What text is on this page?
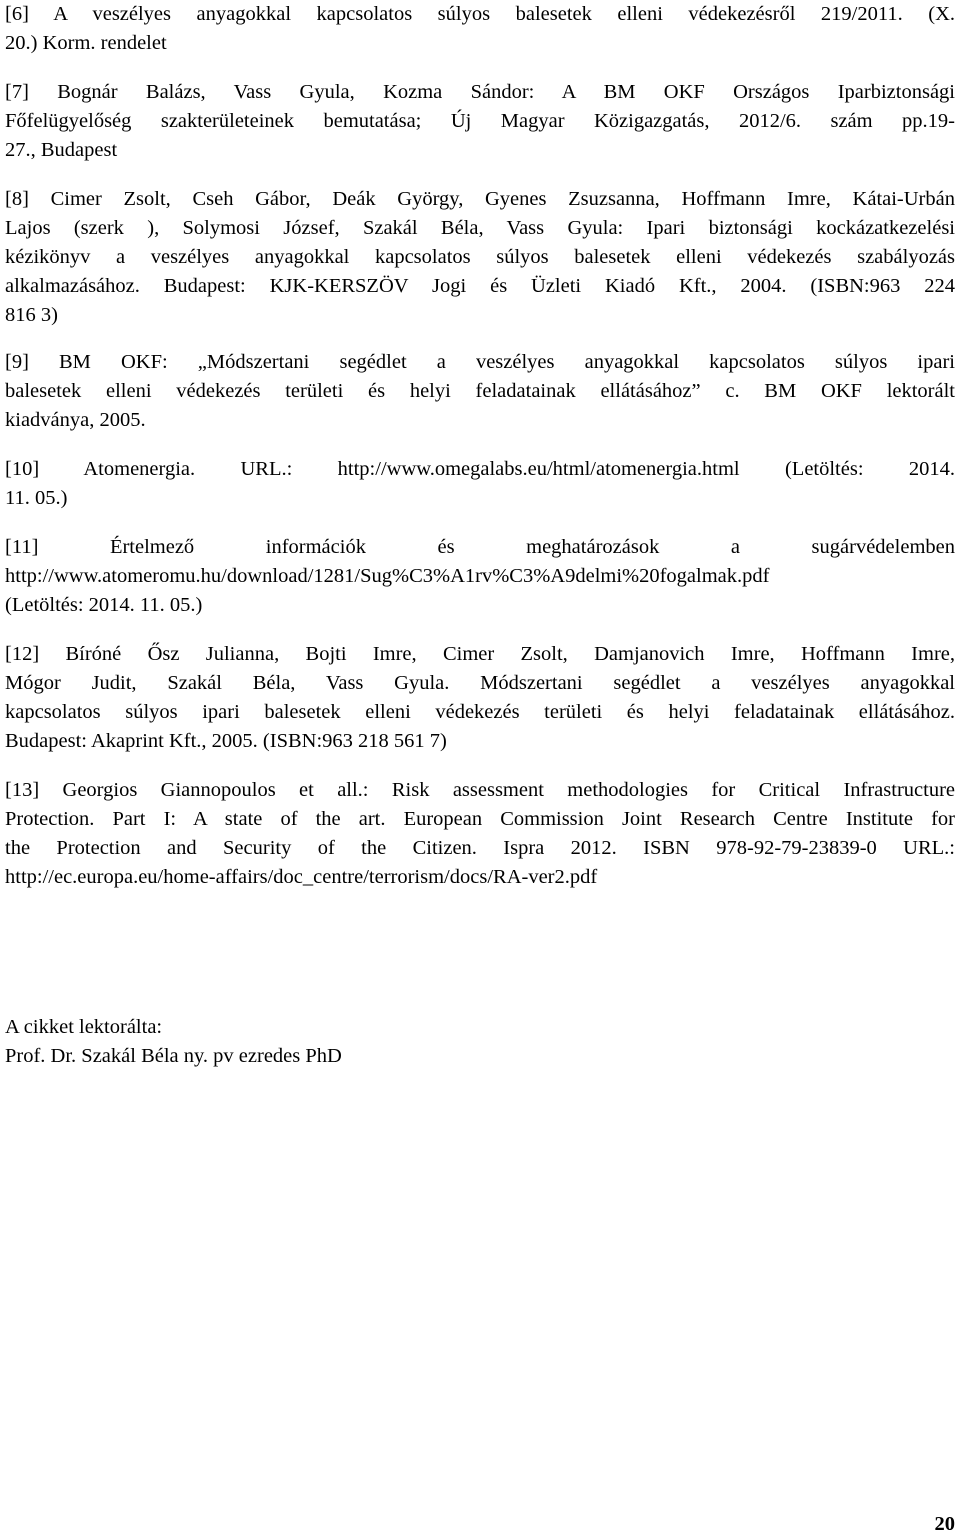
[6] A veszélyes anyagokkal kapcsolatos súlyos balesetek elleni védekezésről 219/2011. (X.
20.) Korm. rendelet
[7] Bognár Balázs, Vass Gyula, Kozma Sándor: A BM OKF Országos Iparbiztonsági
Főfelügyelőség szakterületeinek bemutatása; Új Magyar Közigazgatás, 2012/6. szám pp.19-
27., Budapest
[8] Cimer Zsolt, Cseh Gábor, Deák György, Gyenes Zsuzsanna, Hoffmann Imre, Kátai-Urbán
Lajos (szerk ), Solymosi József, Szakál Béla, Vass Gyula: Ipari biztonsági kockázatkezelési
kézikönyv a veszélyes anyagokkal kapcsolatos súlyos balesetek elleni védekezés szabályozás
alkalmazásához. Budapest: KJK-KERSZÖV Jogi és Üzleti Kiadó Kft., 2004. (ISBN:963 224
816 3)
[9] BM OKF: „Módszertani segédlet a veszélyes anyagokkal kapcsolatos súlyos ipari
balesetek elleni védekezés területi és helyi feladatainak ellátásához” c. BM OKF lektorált
kiadványa, 2005.
[10] Atomenergia. URL.: http://www.omegalabs.eu/html/atomenergia.html (Letöltés: 2014.
11. 05.)
[11] Értelmező információk és meghatározások a sugárvédelemben
http://www.atomeromu.hu/download/1281/Sug%C3%A1rv%C3%A9delmi%20fogalmak.pdf
(Letöltés: 2014. 11. 05.)
[12] Bíróné Ősz Julianna, Bojti Imre, Cimer Zsolt, Damjanovich Imre, Hoffmann Imre,
Mógor Judit, Szakál Béla, Vass Gyula. Módszertani segédlet a veszélyes anyagokkal
kapcsolatos súlyos ipari balesetek elleni védekezés területi és helyi feladatainak ellátásához.
Budapest: Akaprint Kft., 2005. (ISBN:963 218 561 7)
[13] Georgios Giannopoulos et all.: Risk assessment methodologies for Critical Infrastructure
Protection. Part I: A state of the art. European Commission Joint Research Centre Institute for
the Protection and Security of the Citizen. Ispra 2012. ISBN 978-92-79-23839-0 URL.:
http://ec.europa.eu/home-affairs/doc_centre/terrorism/docs/RA-ver2.pdf
A cikket lektorálta:
Prof. Dr. Szakál Béla ny. pv ezredes PhD
20
